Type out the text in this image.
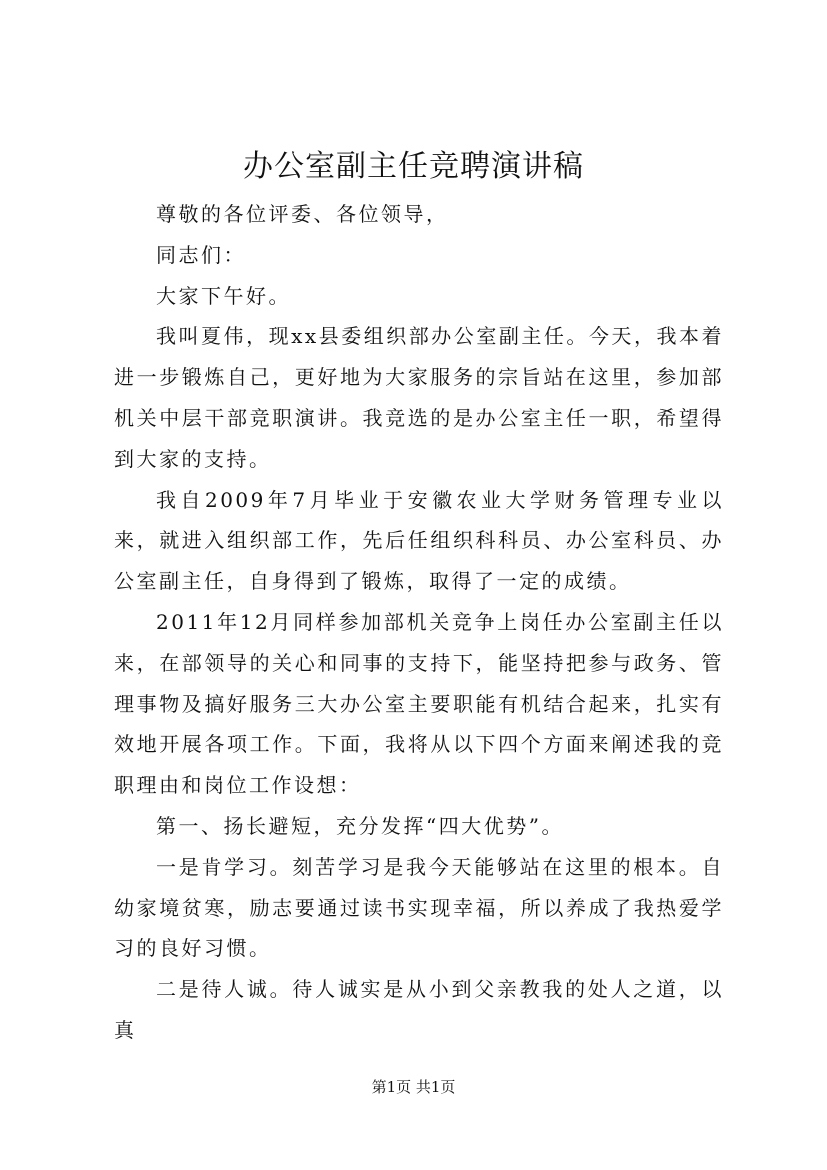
办公室副主任竞聘演讲稿

尊敬的各位评委、各位领导，

同志们：

大家下午好。

我叫夏伟，现xx县委组织部办公室副主任。今天，我本着进一步锻炼自己，更好地为大家服务的宗旨站在这里，参加部机关中层干部竞职演讲。我竞选的是办公室主任一职，希望得到大家的支持。

我自2009年7月毕业于安徽农业大学财务管理专业以来，就进入组织部工作，先后任组织科科员、办公室科员、办公室副主任，自身得到了锻炼，取得了一定的成绩。

2011年12月同样参加部机关竞争上岗任办公室副主任以来，在部领导的关心和同事的支持下，能坚持把参与政务、管理事物及搞好服务三大办公室主要职能有机结合起来，扎实有效地开展各项工作。下面，我将从以下四个方面来阐述我的竞职理由和岗位工作设想：

第一、扬长避短，充分发挥“四大优势”。

一是肯学习。刻苦学习是我今天能够站在这里的根本。自幼家境贫寒，励志要通过读书实现幸福，所以养成了我热爱学习的良好习惯。

二是待人诚。待人诚实是从小到父亲教我的处人之道，以真

第1页 共1页
